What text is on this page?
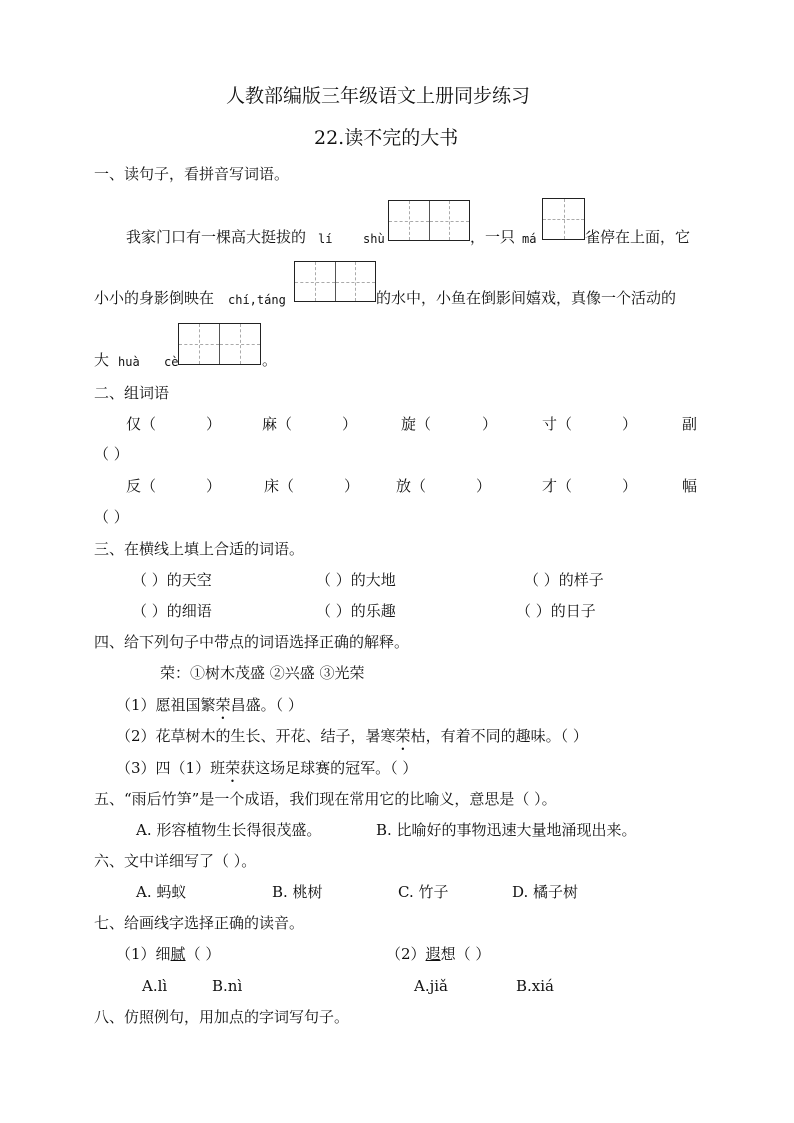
人教部编版三年级语文上册同步练习
22.读不完的大书
一、读句子，看拼音写词语。
我家门口有一棵高大挺拔的 lí	shù	，一只 má	雀停在上面，它
小小的身影倒映在 chí,táng	的水中，小鱼在倒影间嬉戏，真像一个活动的
大 huà cè	。
二、组词语
仅（	）	麻（	）	旋（	）	寸（	）	副
（ ）
反（	）	床（	） 放（	）	才（	）	幅
（ ）
三、在横线上填上合适的词语。
（ ）的天空	（ ）的大地	（ ）的样子
（ ）的细语	（ ）的乐趣	（ ）的日子
四、给下列句子中带点的词语选择正确的解释。
荣：①树木茂盛 ②兴盛 ③光荣
（1）愿祖国繁荣昌盛。（ ）
（2）花草树木的生长、开花、结子，暑寒荣枯，有着不同的趣味。（ ）
（3）四（1）班荣获这场足球赛的冠军。（ ）
五、“雨后竹笋”是一个成语，我们现在常用它的比喻义，意思是（ ）。
A. 形容植物生长得很茂盛。	B. 比喻好的事物迅速大量地涌现出来。
六、文中详细写了（ ）。
A. 蚂蚁	B. 桃树	C. 竹子	D. 橘子树
七、给画线字选择正确的读音。
（1）细腻（ ）	（2）遐想（ ）
A.lì	B.nì	A.jiǎ	B.xiá
八、仿照例句，用加点的字词写句子。
